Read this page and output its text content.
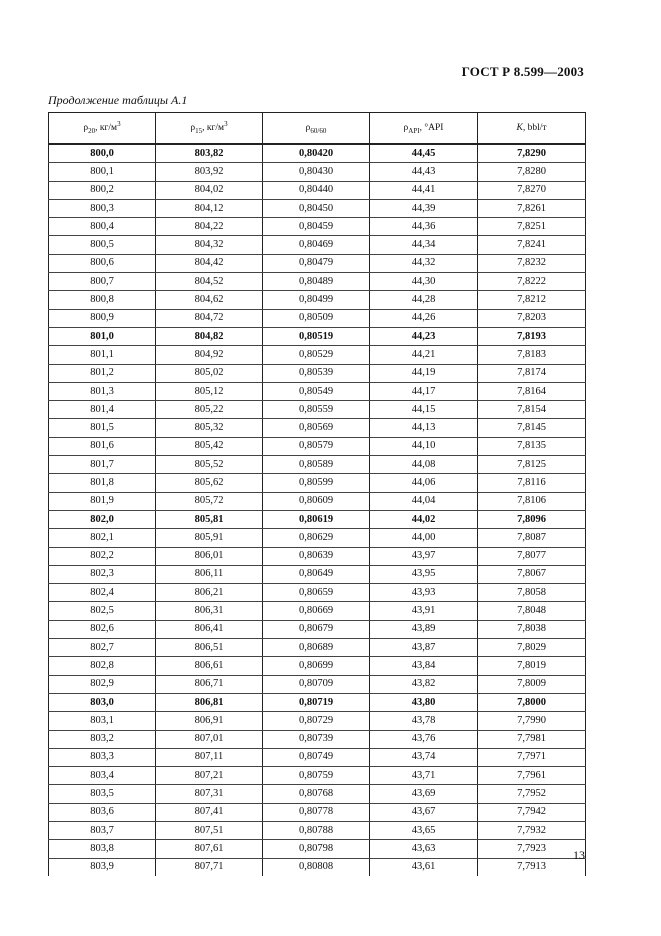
ГОСТ Р 8.599—2003
Продолжение таблицы А.1
$\rho_{20}$, $кг/м^3$	$\rho_{15}$, $кг/м^3$	$\rho_{60/60}$	$\rho_{API}$, °API	K, bbl/т
800,0	803,82	0,80420	44,45	7,8290
800,1	803,92	0,80430	44,43	7,8280
800,2	804,02	0,80440	44,41	7,8270
800,3	804,12	0,80450	44,39	7,8261
800,4	804,22	0,80459	44,36	7,8251
800,5	804,32	0,80469	44,34	7,8241
800,6	804,42	0,80479	44,32	7,8232
800,7	804,52	0,80489	44,30	7,8222
800,8	804,62	0,80499	44,28	7,8212
800,9	804,72	0,80509	44,26	7,8203
801,0	804,82	0,80519	44,23	7,8193
801,1	804,92	0,80529	44,21	7,8183
801,2	805,02	0,80539	44,19	7,8174
801,3	805,12	0,80549	44,17	7,8164
801,4	805,22	0,80559	44,15	7,8154
801,5	805,32	0,80569	44,13	7,8145
801,6	805,42	0,80579	44,10	7,8135
801,7	805,52	0,80589	44,08	7,8125
801,8	805,62	0,80599	44,06	7,8116
801,9	805,72	0,80609	44,04	7,8106
802,0	805,81	0,80619	44,02	7,8096
802,1	805,91	0,80629	44,00	7,8087
802,2	806,01	0,80639	43,97	7,8077
802,3	806,11	0,80649	43,95	7,8067
802,4	806,21	0,80659	43,93	7,8058
802,5	806,31	0,80669	43,91	7,8048
802,6	806,41	0,80679	43,89	7,8038
802,7	806,51	0,80689	43,87	7,8029
802,8	806,61	0,80699	43,84	7,8019
802,9	806,71	0,80709	43,82	7,8009
803,0	806,81	0,80719	43,80	7,8000
803,1	806,91	0,80729	43,78	7,7990
803,2	807,01	0,80739	43,76	7,7981
803,3	807,11	0,80749	43,74	7,7971
803,4	807,21	0,80759	43,71	7,7961
803,5	807,31	0,80768	43,69	7,7952
803,6	807,41	0,80778	43,67	7,7942
803,7	807,51	0,80788	43,65	7,7932
803,8	807,61	0,80798	43,63	7,7923
803,9	807,71	0,80808	43,61	7,7913
13
